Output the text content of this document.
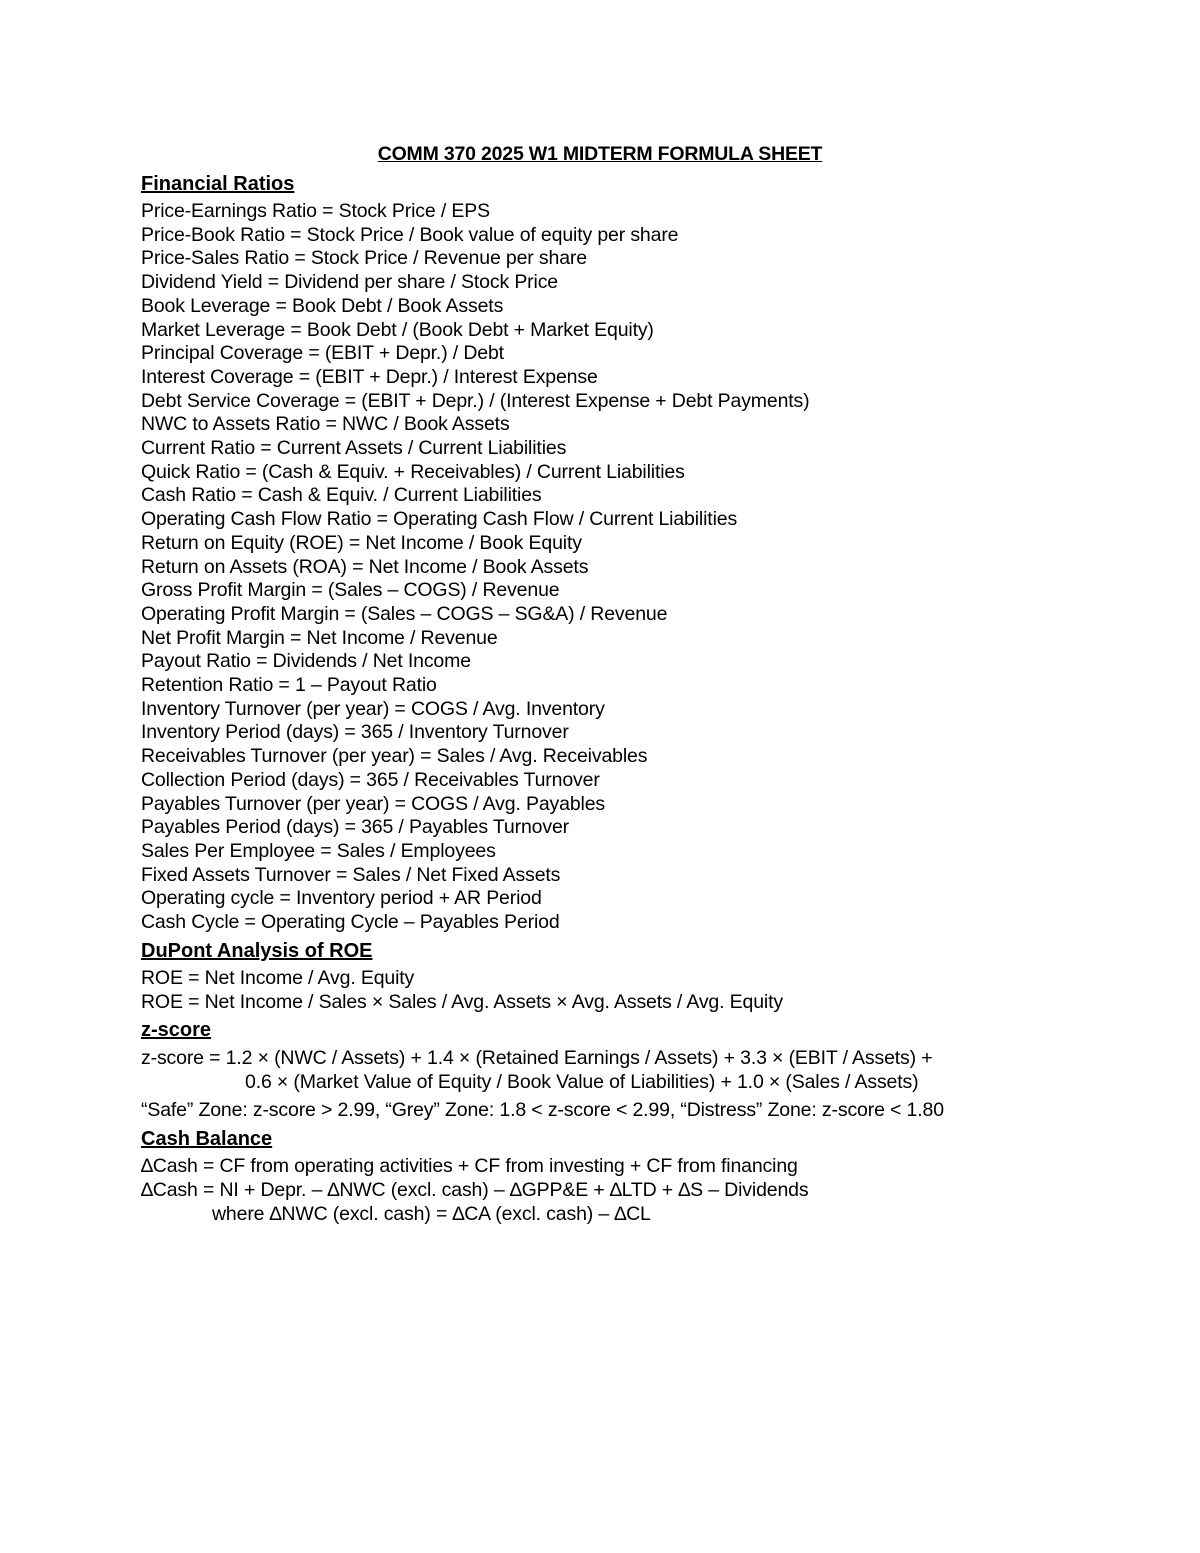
COMM 370 2025 W1 MIDTERM FORMULA SHEET
Financial Ratios
Price-Earnings Ratio = Stock Price / EPS
Price-Book Ratio = Stock Price / Book value of equity per share
Price-Sales Ratio = Stock Price / Revenue per share
Dividend Yield = Dividend per share / Stock Price
Book Leverage = Book Debt / Book Assets
Market Leverage = Book Debt / (Book Debt + Market Equity)
Principal Coverage = (EBIT + Depr.) / Debt
Interest Coverage = (EBIT + Depr.) / Interest Expense
Debt Service Coverage = (EBIT + Depr.) / (Interest Expense + Debt Payments)
NWC to Assets Ratio = NWC / Book Assets
Current Ratio = Current Assets / Current Liabilities
Quick Ratio = (Cash & Equiv. + Receivables) / Current Liabilities
Cash Ratio = Cash & Equiv. / Current Liabilities
Operating Cash Flow Ratio = Operating Cash Flow / Current Liabilities
Return on Equity (ROE) = Net Income / Book Equity
Return on Assets (ROA) = Net Income / Book Assets
Gross Profit Margin = (Sales – COGS) / Revenue
Operating Profit Margin = (Sales – COGS – SG&A) / Revenue
Net Profit Margin = Net Income / Revenue
Payout Ratio = Dividends / Net Income
Retention Ratio = 1 – Payout Ratio
Inventory Turnover (per year) = COGS / Avg. Inventory
Inventory Period (days) = 365 / Inventory Turnover
Receivables Turnover (per year) = Sales / Avg. Receivables
Collection Period (days) = 365 / Receivables Turnover
Payables Turnover (per year) = COGS / Avg. Payables
Payables Period (days) = 365 / Payables Turnover
Sales Per Employee = Sales / Employees
Fixed Assets Turnover = Sales / Net Fixed Assets
Operating cycle = Inventory period + AR Period
Cash Cycle = Operating Cycle – Payables Period
DuPont Analysis of ROE
ROE = Net Income / Avg. Equity
ROE = Net Income / Sales × Sales / Avg. Assets × Avg. Assets / Avg. Equity
z-score
z-score = 1.2 × (NWC / Assets) + 1.4 × (Retained Earnings / Assets) + 3.3 × (EBIT / Assets) +
0.6 × (Market Value of Equity / Book Value of Liabilities) + 1.0 × (Sales / Assets)
“Safe” Zone: z-score > 2.99, “Grey” Zone: 1.8 < z-score < 2.99, “Distress” Zone: z-score < 1.80
Cash Balance
∆Cash = CF from operating activities + CF from investing + CF from financing
∆Cash = NI + Depr. – ∆NWC (excl. cash) – ∆GPP&E + ∆LTD + ∆S – Dividends
where ∆NWC (excl. cash) = ∆CA (excl. cash) – ∆CL
